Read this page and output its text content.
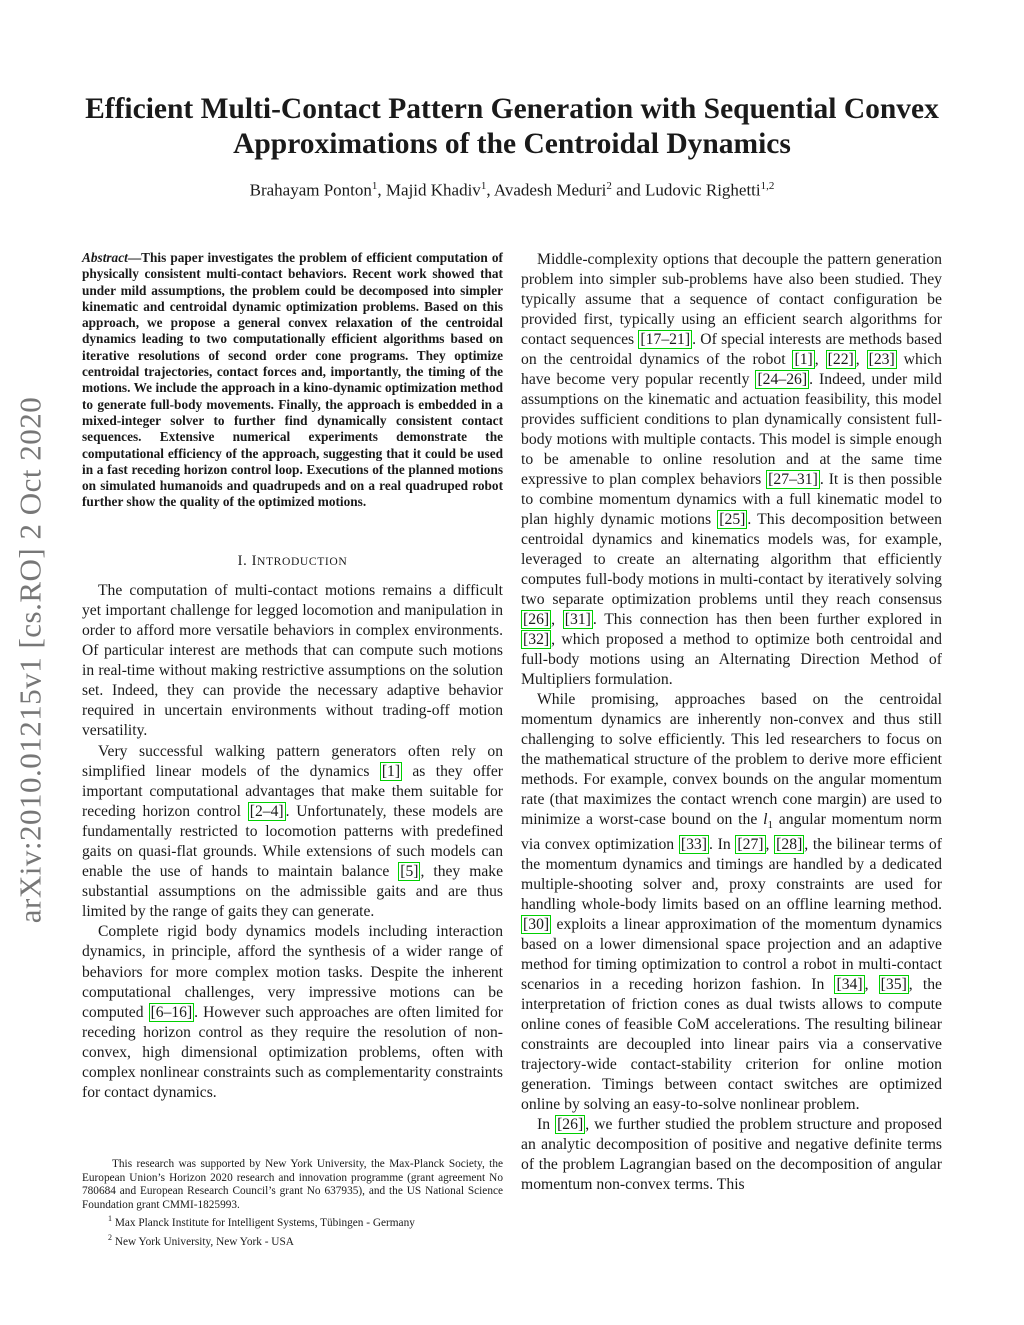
arXiv:2010.01215v1 [cs.RO] 2 Oct 2020
Efficient Multi-Contact Pattern Generation with Sequential Convex Approximations of the Centroidal Dynamics
Brahayam Ponton$^1$, Majid Khadiv$^1$, Avadesh Meduri$^2$ and Ludovic Righetti$^{1,2}$

Abstract—This paper investigates the problem of efficient computation of physically consistent multi-contact behaviors. Recent work showed that under mild assumptions, the problem could be decomposed into simpler kinematic and centroidal dynamic optimization problems. Based on this approach, we propose a general convex relaxation of the centroidal dynamics leading to two computationally efficient algorithms based on iterative resolutions of second order cone programs. They optimize centroidal trajectories, contact forces and, importantly, the timing of the motions. We include the approach in a kino-dynamic optimization method to generate full-body movements. Finally, the approach is embedded in a mixed-integer solver to further find dynamically consistent contact sequences. Extensive numerical experiments demonstrate the computational efficiency of the approach, suggesting that it could be used in a fast receding horizon control loop. Executions of the planned motions on simulated humanoids and quadrupeds and on a real quadruped robot further show the quality of the optimized motions.

I. INTRODUCTION

The computation of multi-contact motions remains a difficult yet important challenge for legged locomotion and manipulation in order to afford more versatile behaviors in complex environments. Of particular interest are methods that can compute such motions in real-time without making restrictive assumptions on the solution set. Indeed, they can provide the necessary adaptive behavior required in uncertain environments without trading-off motion versatility.

Very successful walking pattern generators often rely on simplified linear models of the dynamics [1] as they offer important computational advantages that make them suitable for receding horizon control [2–4] . Unfortunately, these models are fundamentally restricted to locomotion patterns with predefined gaits on quasi-flat grounds. While extensions of such models can enable the use of hands to maintain balance [5] , they make substantial assumptions on the admissible gaits and are thus limited by the range of gaits they can generate.

Complete rigid body dynamics models including interaction dynamics, in principle, afford the synthesis of a wider range of behaviors for more complex motion tasks. Despite the inherent computational challenges, very impressive motions can be computed [6–16] . However such approaches are often limited for receding horizon control as they require the resolution of non-convex, high dimensional optimization problems, often with complex nonlinear constraints such as complementarity constraints for contact dynamics.

This research was supported by New York University, the Max-Planck Society, the European Union’s Horizon 2020 research and innovation programme (grant agreement No 780684 and European Research Council’s grant No 637935), and the US National Science Foundation grant CMMI-1825993.

$^1$ Max Planck Institute for Intelligent Systems, Tübingen - Germany

$^2$ New York University, New York - USA

Middle-complexity options that decouple the pattern generation problem into simpler sub-problems have also been studied. They typically assume that a sequence of contact configuration be provided first, typically using an efficient search algorithms for contact sequences [17–21] . Of special interests are methods based on the centroidal dynamics of the robot [1] , [22] , [23] which have become very popular recently [24–26] . Indeed, under mild assumptions on the kinematic and actuation feasibility, this model provides sufficient conditions to plan dynamically consistent full-body motions with multiple contacts. This model is simple enough to be amenable to online resolution and at the same time expressive to plan complex behaviors [27–31] . It is then possible to combine momentum dynamics with a full kinematic model to plan highly dynamic motions [25] . This decomposition between centroidal dynamics and kinematics models was, for example, leveraged to create an alternating algorithm that efficiently computes full-body motions in multi-contact by iteratively solving two separate optimization problems until they reach consensus [26] , [31] . This connection has then been further explored in [32] , which proposed a method to optimize both centroidal and full-body motions using an Alternating Direction Method of Multipliers formulation.

While promising, approaches based on the centroidal momentum dynamics are inherently non-convex and thus still challenging to solve efficiently. This led researchers to focus on the mathematical structure of the problem to derive more efficient methods. For example, convex bounds on the angular momentum rate (that maximizes the contact wrench cone margin) are used to minimize a worst-case bound on the $l_1$ angular momentum norm via convex optimization [33] . In [27] , [28] , the bilinear terms of the momentum dynamics and timings are handled by a dedicated multiple-shooting solver and, proxy constraints are used for handling whole-body limits based on an offline learning method. [30] exploits a linear approximation of the momentum dynamics based on a lower dimensional space projection and an adaptive method for timing optimization to control a robot in multi-contact scenarios in a receding horizon fashion. In [34] , [35] , the interpretation of friction cones as dual twists allows to compute online cones of feasible CoM accelerations. The resulting bilinear constraints are decoupled into linear pairs via a conservative trajectory-wide contact-stability criterion for online motion generation. Timings between contact switches are optimized online by solving an easy-to-solve nonlinear problem.

In [26] , we further studied the problem structure and proposed an analytic decomposition of positive and negative definite terms of the problem Lagrangian based on the decomposition of angular momentum non-convex terms. This
